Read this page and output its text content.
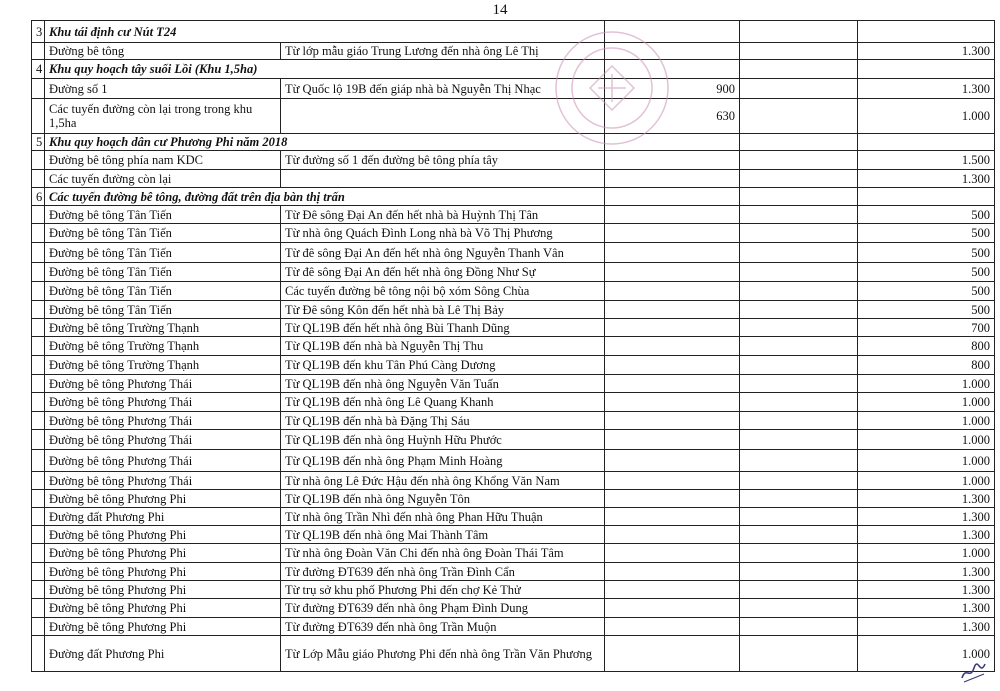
14
3	Khu tái định cư Nút T24				
	Đường bê tông	Từ lớp mẫu giáo Trung Lương đến nhà ông Lê Thị			1.300
4	Khu quy hoạch tây suối Lồi (Khu 1,5ha)				
	Đường số 1	Từ Quốc lộ 19B đến giáp nhà bà Nguyễn Thị Nhạc	900		1.300
	Các tuyến đường còn lại trong trong khu 1,5ha		630		1.000
5	Khu quy hoạch dân cư Phương Phi năm 2018				
	Đường bê tông phía nam KDC	Từ đường số 1 đến đường bê tông phía tây			1.500
	Các tuyến đường còn lại				1.300
6	Các tuyến đường bê tông, đường đất trên địa bàn thị trấn				
	Đường bê tông Tân Tiến	Từ Đê sông Đại An đến hết nhà bà Huỳnh Thị Tân			500
	Đường bê tông Tân Tiến	Từ nhà ông Quách Đình Long nhà bà Võ Thị Phương			500
	Đường bê tông Tân Tiến	Từ đê sông Đại An đến hết nhà ông Nguyễn Thanh Vân			500
	Đường bê tông Tân Tiến	Từ đê sông Đại An đến hết nhà ông Đồng Như Sự			500
	Đường bê tông Tân Tiến	Các tuyến đường bê tông nội bộ xóm Sông Chùa			500
	Đường bê tông Tân Tiến	Từ Đê sông Kôn đến hết nhà bà Lê Thị Bảy			500
	Đường bê tông Trường Thạnh	Từ QL19B đến hết nhà ông Bùi Thanh Dũng			700
	Đường bê tông Trường Thạnh	Từ QL19B đến nhà bà Nguyễn Thị Thu			800
	Đường bê tông Trường Thạnh	Từ QL19B đến khu Tân Phú Càng Dương			800
	Đường bê tông Phương Thái	Từ QL19B đến nhà ông Nguyễn Văn Tuấn			1.000
	Đường bê tông Phương Thái	Từ QL19B đến nhà ông Lê Quang Khanh			1.000
	Đường bê tông Phương Thái	Từ QL19B đến nhà bà Đặng Thị Sáu			1.000
	Đường bê tông Phương Thái	Từ QL19B đến nhà ông Huỳnh Hữu Phước			1.000
	Đường bê tông Phương Thái	Từ QL19B đến nhà ông Phạm Minh Hoàng			1.000
	Đường bê tông Phương Thái	Từ nhà ông Lê Đức Hậu đến nhà ông Khổng Văn Nam			1.000
	Đường bê tông Phương Phi	Từ QL19B đến nhà ông Nguyễn Tôn			1.300
	Đường đất Phương Phi	Từ nhà ông Trần Nhì đến nhà ông Phan Hữu Thuận			1.300
	Đường bê tông Phương Phi	Từ QL19B đến nhà ông Mai Thành Tâm			1.300
	Đường bê tông Phương Phi	Từ nhà ông Đoàn Văn Chi đến nhà ông Đoàn Thái Tâm			1.000
	Đường bê tông Phương Phi	Từ đường ĐT639 đến nhà ông Trần Đình Cẩn			1.300
	Đường bê tông Phương Phi	Từ trụ sở khu phố Phương Phi đến chợ Kẻ Thử			1.300
	Đường bê tông Phương Phi	Từ đường ĐT639 đến nhà ông Phạm Đình Dung			1.300
	Đường bê tông Phương Phi	Từ đường ĐT639 đến nhà ông Trần Muộn			1.300
	Đường đất Phương Phi	Từ Lớp Mẫu giáo Phương Phi đến nhà ông Trần Văn Phương			1.000
